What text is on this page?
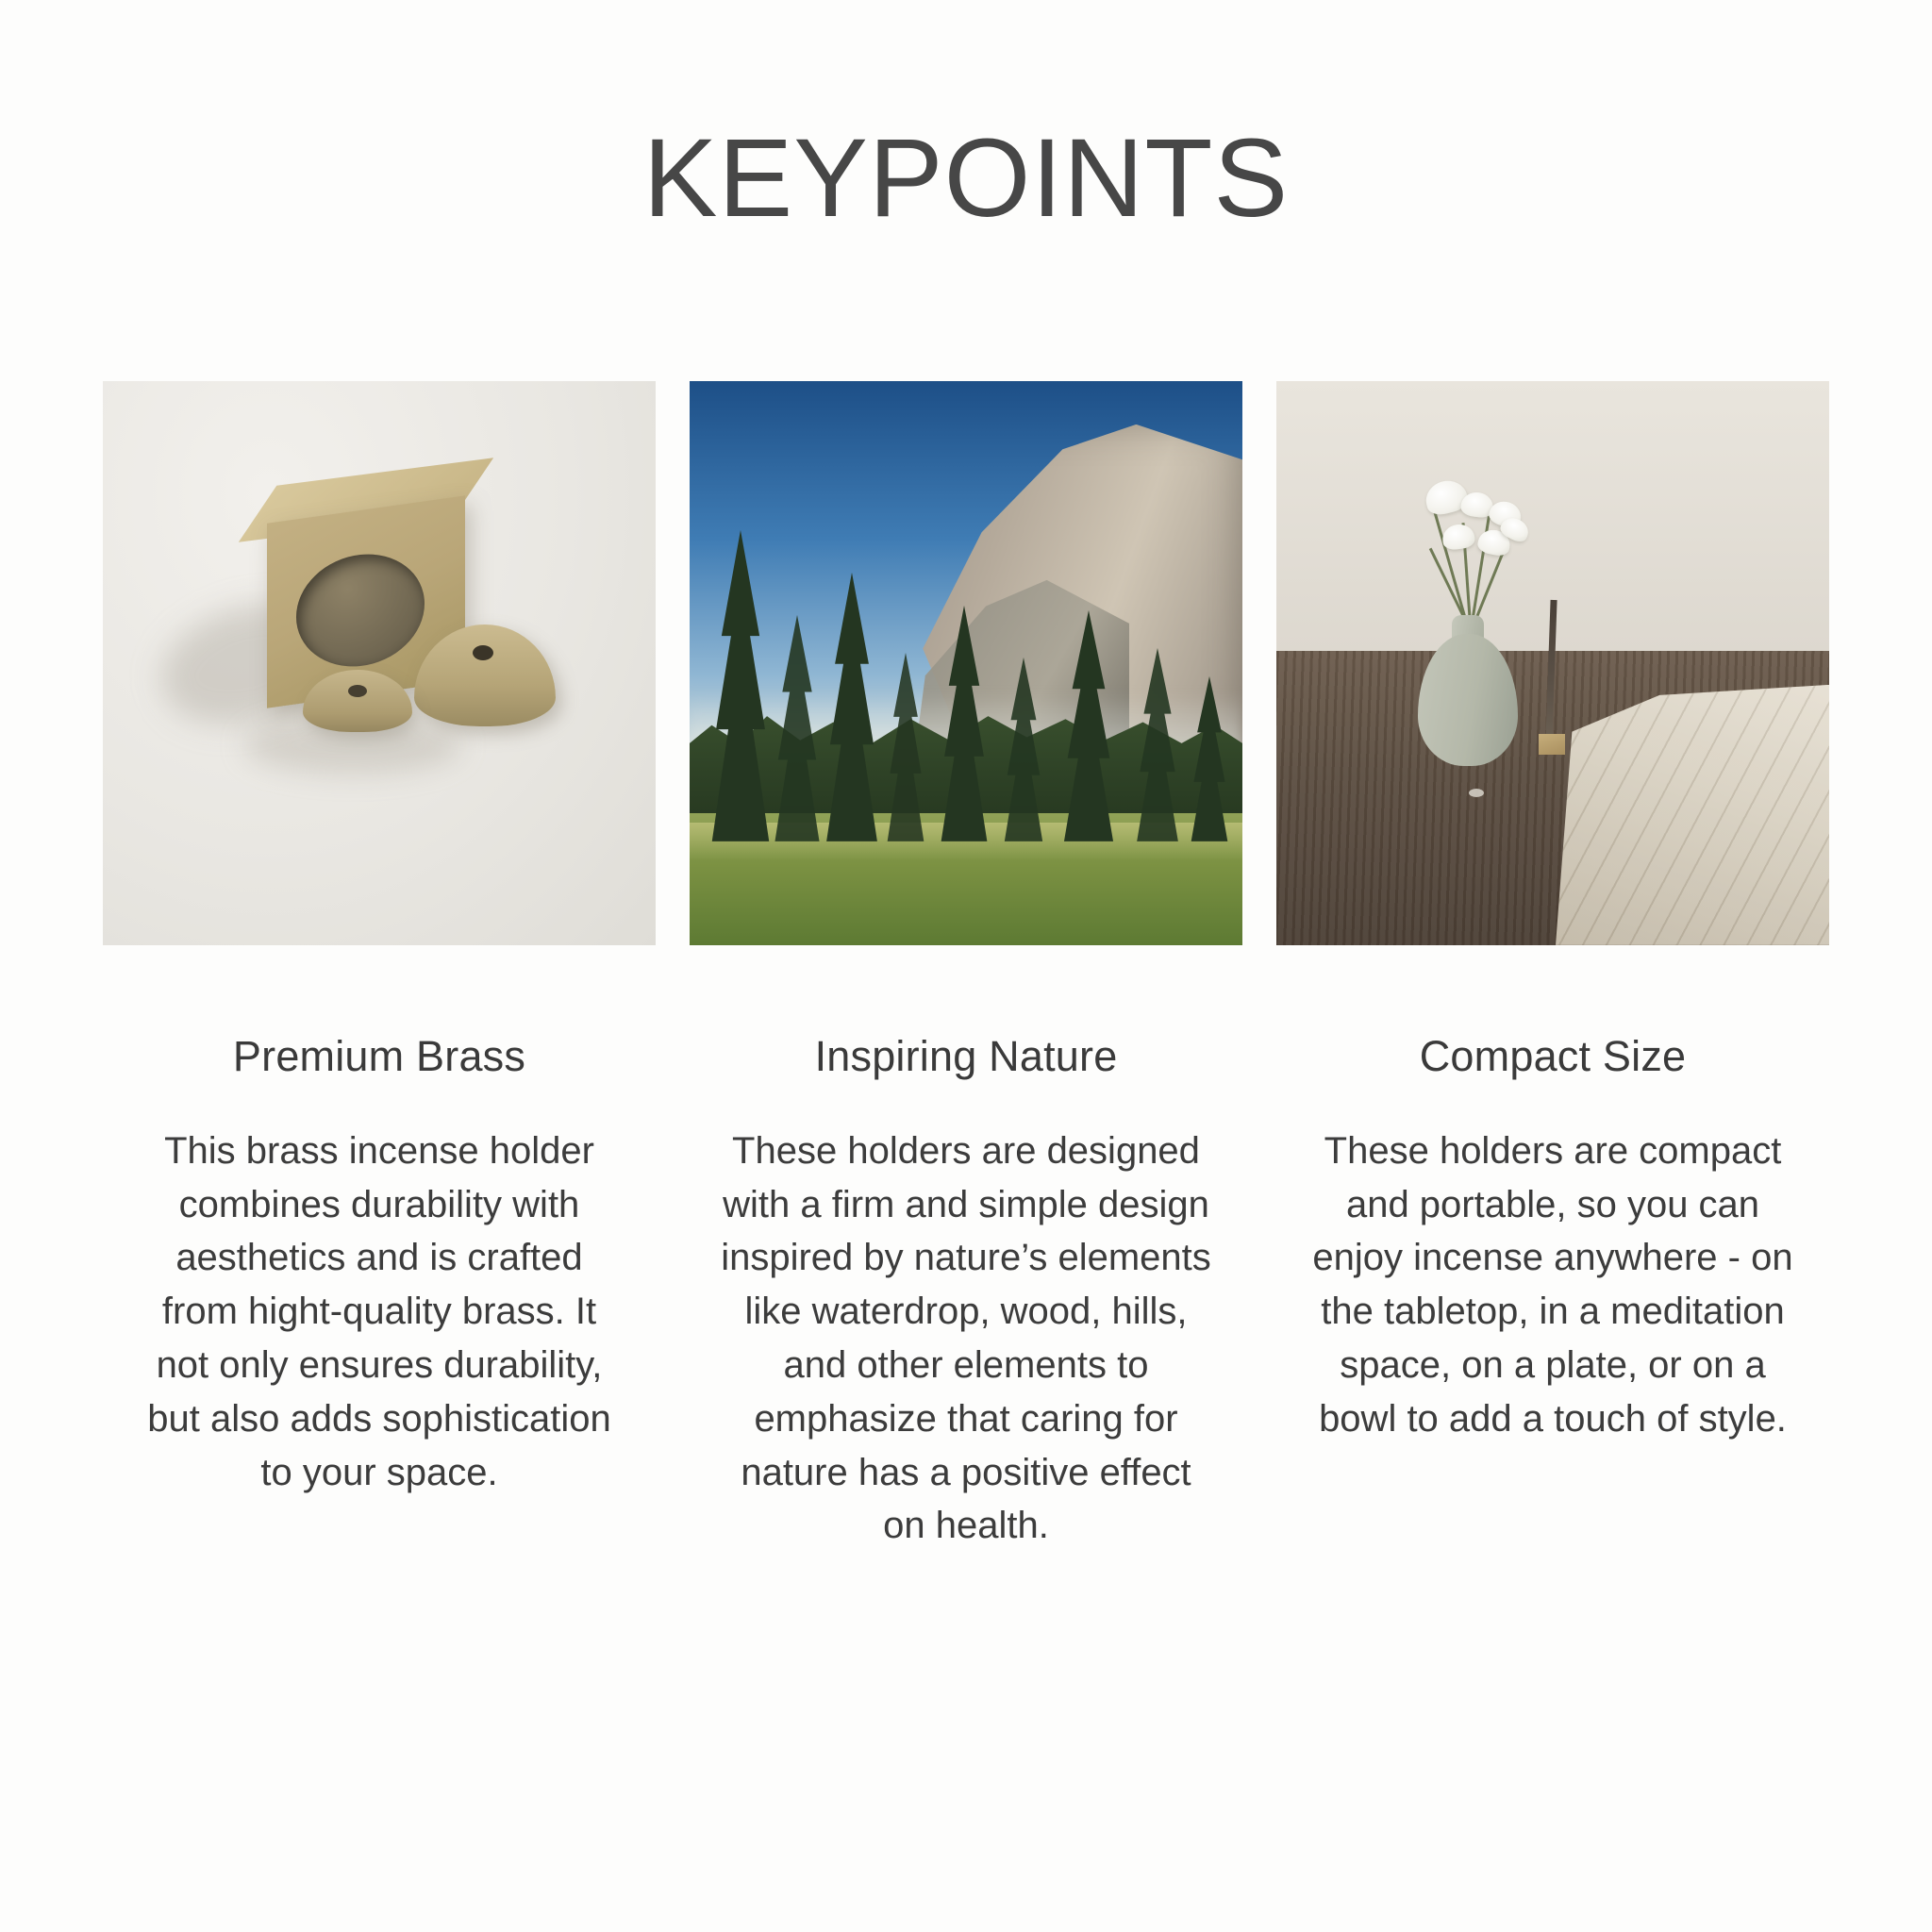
KEYPOINTS
Premium Brass

This brass incense holder combines durability with aesthetics and is crafted from hight-quality brass. It not only ensures durability, but also adds sophistication to your space.

Inspiring Nature

These holders are designed with a firm and simple design inspired by nature’s elements like waterdrop, wood, hills, and other elements to emphasize that caring for nature has a positive effect on health.

Compact Size

These holders are compact and portable, so you can enjoy incense anywhere - on the tabletop, in a meditation space, on a plate, or on a bowl to add a touch of style.
